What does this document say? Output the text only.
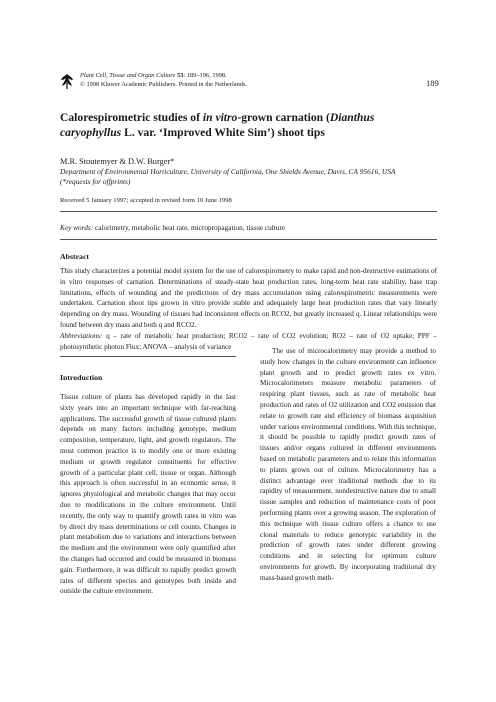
Plant Cell, Tissue and Organ Culture 53: 189–196, 1998.
© 1998 Kluwer Academic Publishers. Printed in the Netherlands.	189
Calorespirometric studies of in vitro-grown carnation (Dianthus
caryophyllus L. var. ‘Improved White Sim’) shoot tips
M.R. Stoutemyer & D.W. Burger*
Department of Environmental Horticulture, University of California, One Shields Avenue, Davis, CA 95616, USA
(*requests for offprints)
Received 5 January 1997; accepted in revised form 10 June 1998
Key words: calorimetry, metabolic heat rate, micropropagation, tissue culture
Abstract
This study characterizes a potential model system for the use of calorespirometry to make rapid and non-destructive estimations of in vitro responses of carnation. Determinations of steady-state heat production rates, long-term heat rate stability, base trap limitations, effects of wounding and the predictions of dry mass accumulation using calorespirometric measurements were undertaken. Carnation shoot tips grown in vitro provide stable and adequately large heat production rates that vary linearly depending on dry mass. Wounding of tissues had inconsistent effects on RCO2, but greatly increased q. Linear relationships were found between dry mass and both q and RCO2.
Abbreviations: q – rate of metabolic heat production; RCO2 – rate of CO2 evolution; RO2 – rate of O2 uptake; PPF – photosynthetic photon Flux; ANOVA – analysis of variance
Introduction

Tissue culture of plants has developed rapidly in the last sixty years into an important technique with far-reaching applications. The successful growth of tissue cultured plants depends on many factors including genotype, medium composition, temperature, light, and growth regulators. The most common practice is to modify one or more existing medium or growth regulator constituents for effective growth of a particular plant cell, tissue or organ. Although this approach is often successful in an economic sense, it ignores physiological and metabolic changes that may occur due to modifications in the culture environment. Until recently, the only way to quantify growth rates in vitro was by direct dry mass determinations or cell counts. Changes in plant metabolism due to variations and interactions between the medium and the environment were only quantified after the changes had occurred and could be measured in biomass gain. Furthermore, it was difficult to rapidly predict growth rates of different species and genotypes both inside and outside the culture environment.

The use of microcalorimetry may provide a method to study how changes in the culture environment can influence plant growth and to predict growth rates ex vitro. Microcalorimeters measure metabolic parameters of respiring plant tissues, such as rate of metabolic heat production and rates of O2 utilization and CO2 emission that relate to growth rate and efficiency of biomass acquisition under various environmental conditions. With this technique, it should be possible to rapidly predict growth rates of tissues and/or organs cultured in different environments based on metabolic parameters and to relate this information to plants grown out of culture. Microcalorimetry has a distinct advantage over traditional methods due to its rapidity of measurement, nondestructive nature due to small tissue samples and reduction of maintenance costs of poor performing plants over a growing season. The exploration of this technique with tissue culture offers a chance to use clonal materials to reduce genotypic variability in the prediction of growth rates under different growing conditions and in selecting for optimum culture environments for growth. By incorporating traditional dry mass-based growth meth-
